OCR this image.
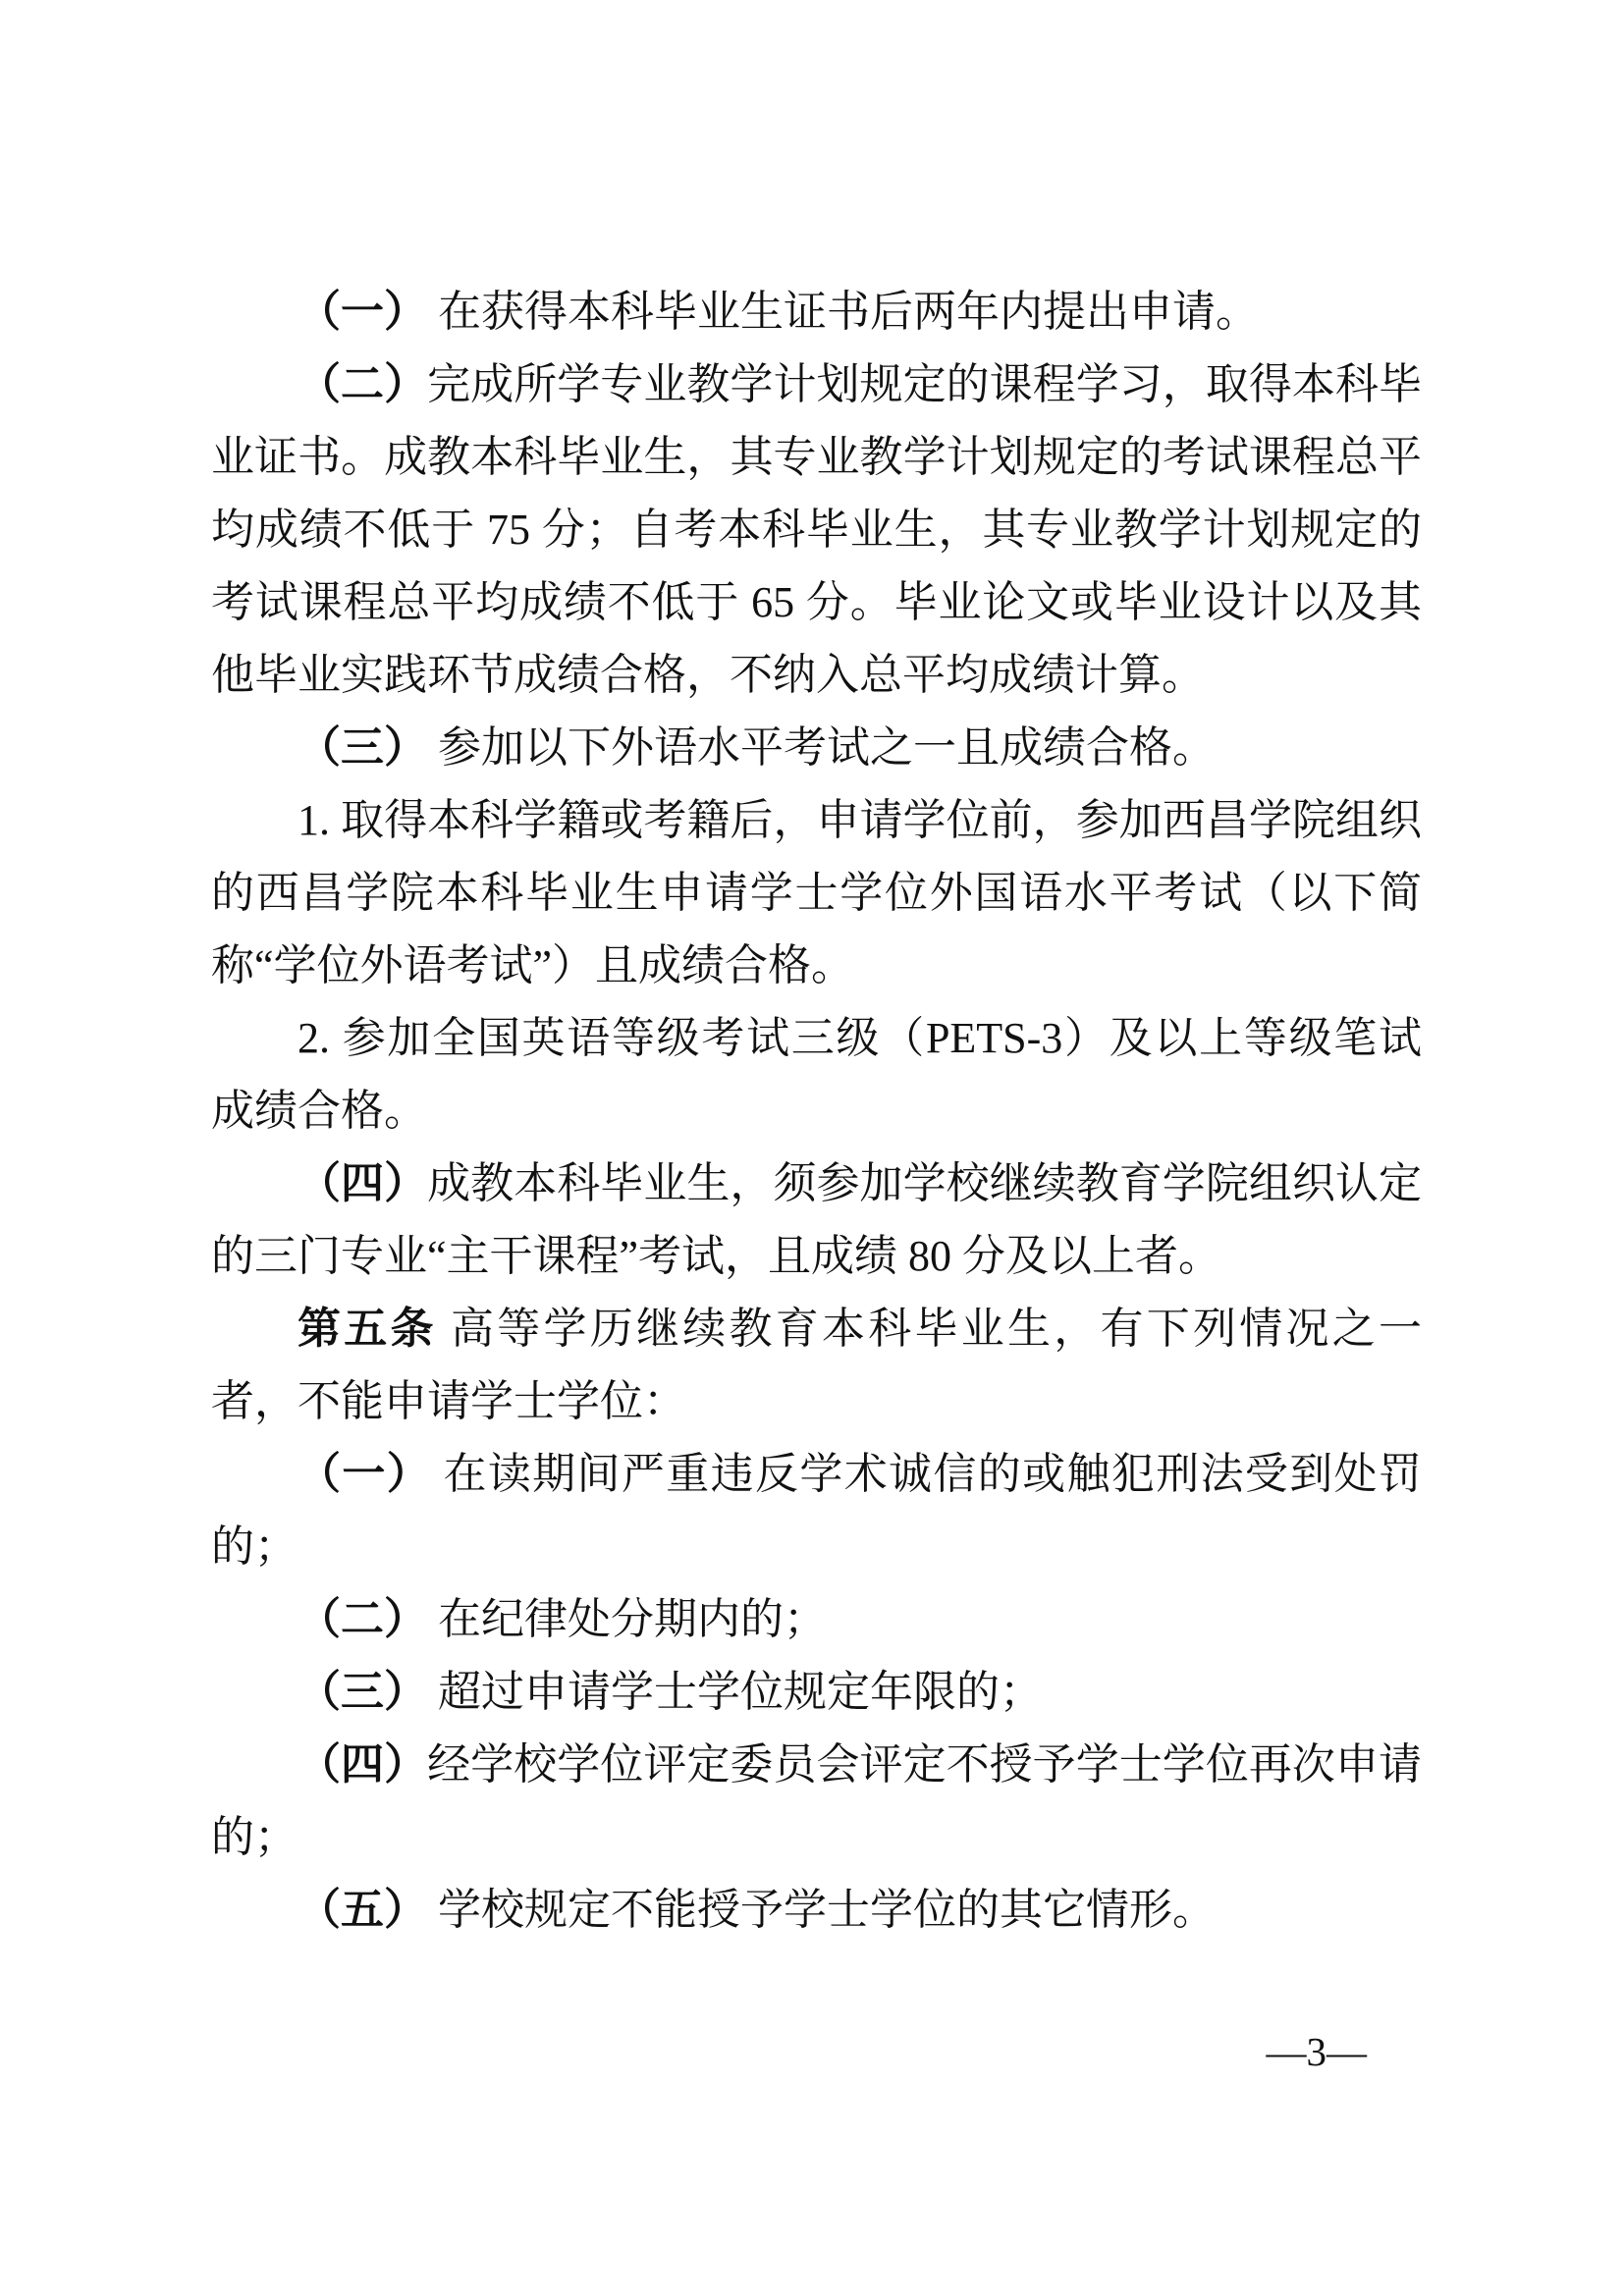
（一） 在获得本科毕业生证书后两年内提出申请。

（二）完成所学专业教学计划规定的课程学习，取得本科毕业证书。成教本科毕业生，其专业教学计划规定的考试课程总平均成绩不低于 75 分；自考本科毕业生，其专业教学计划规定的考试课程总平均成绩不低于 65 分。毕业论文或毕业设计以及其他毕业实践环节成绩合格，不纳入总平均成绩计算。

（三） 参加以下外语水平考试之一且成绩合格。

1. 取得本科学籍或考籍后，申请学位前，参加西昌学院组织的西昌学院本科毕业生申请学士学位外国语水平考试（以下简称“学位外语考试”）且成绩合格。

2. 参加全国英语等级考试三级（PETS-3）及以上等级笔试成绩合格。

（四）成教本科毕业生，须参加学校继续教育学院组织认定的三门专业“主干课程”考试，且成绩 80 分及以上者。

第五条 高等学历继续教育本科毕业生，有下列情况之一者，不能申请学士学位：

（一） 在读期间严重违反学术诚信的或触犯刑法受到处罚的；

（二） 在纪律处分期内的；

（三） 超过申请学士学位规定年限的；

（四）经学校学位评定委员会评定不授予学士学位再次申请的；

（五） 学校规定不能授予学士学位的其它情形。

—3—
